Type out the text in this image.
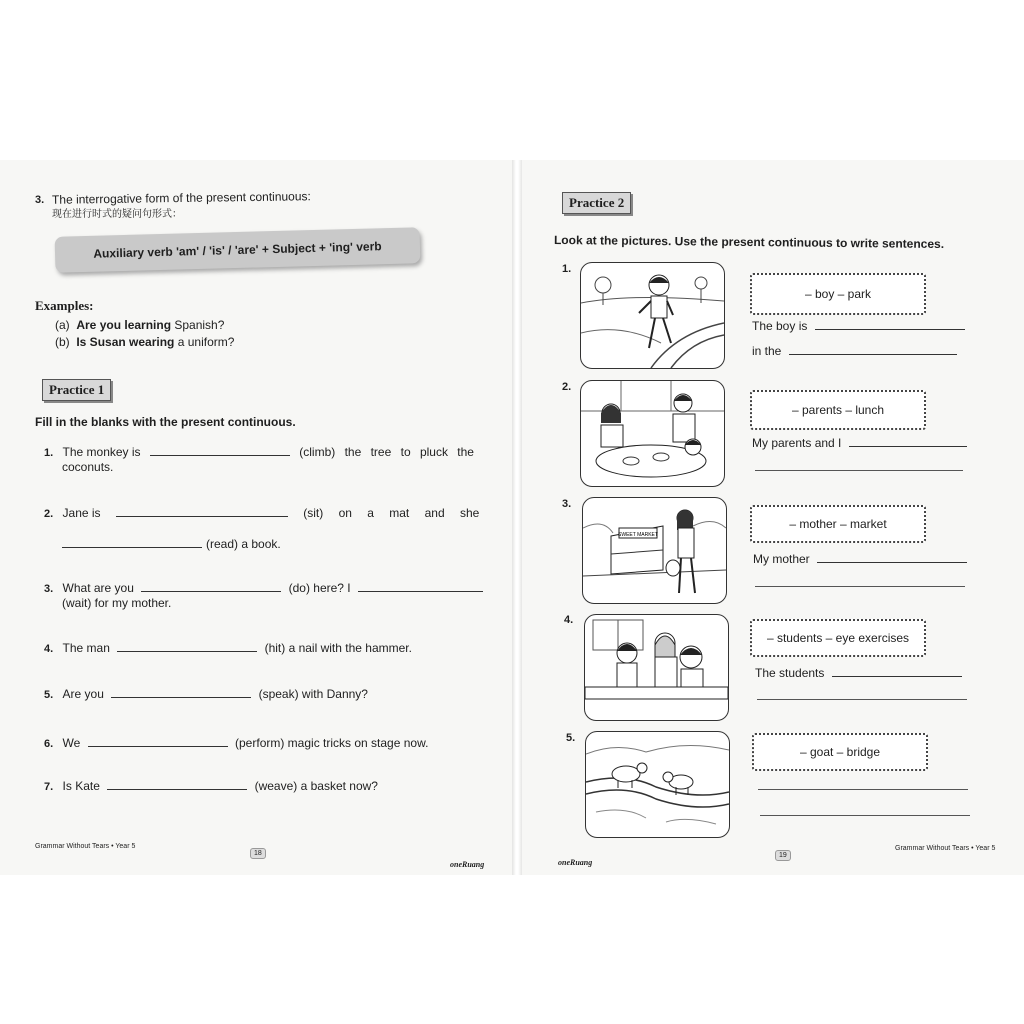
3. The interrogative form of the present continuous:
现在进行时式的疑问句形式：
Auxiliary verb 'am' / 'is' / 'are' + Subject + 'ing' verb
Examples:
(a) Are you learning Spanish?
(b) Is Susan wearing a uniform?
Practice 1
Fill in the blanks with the present continuous.
1. The monkey is	(climb) the tree to pluck the
coconuts.
2. Jane is	(sit) on a mat and she
(read) a book.
3. What are you	(do) here? I
(wait) for my mother.
4. The man	(hit) a nail with the hammer.
5. Are you	(speak) with Danny?
6. We	(perform) magic tricks on stage now.
7. Is Kate	(weave) a basket now?
Grammar Without Tears • Year 5
18
oneRuang
Practice 2
Look at the pictures. Use the present continuous to write sentences.
1.
– boy – park
The boy is
in the
2.
– parents – lunch
My parents and I
3.
SWEET MARKET
– mother – market
My mother
4.
– students – eye exercises
The students
5.
– goat – bridge
oneRuang
19
Grammar Without Tears • Year 5
